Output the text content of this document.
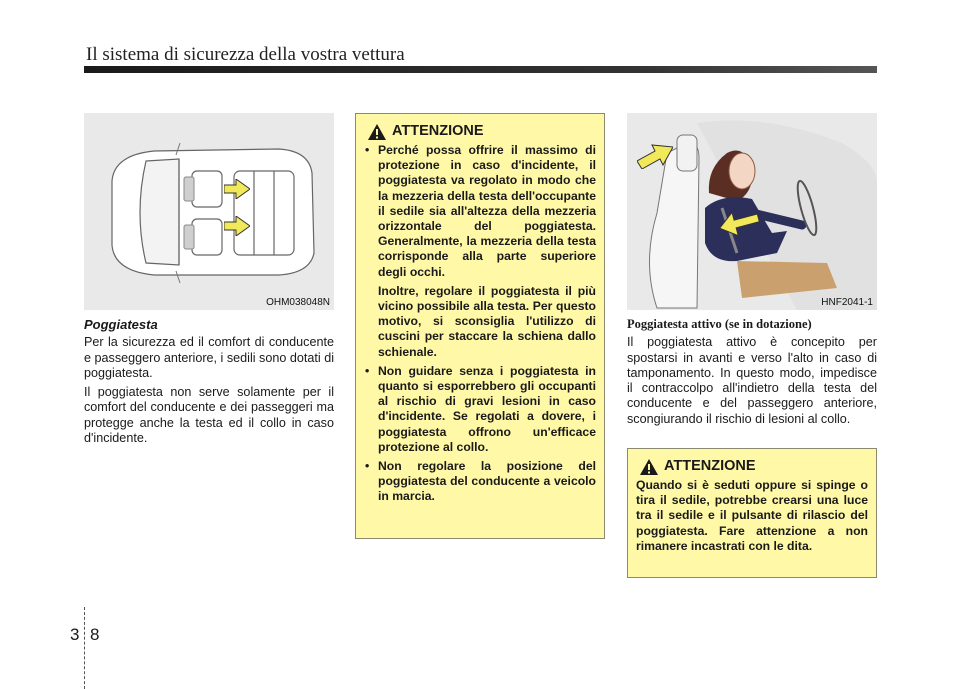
Il sistema di sicurezza della vostra vettura
OHM038048N
Poggiatesta

Per la sicurezza ed il comfort di conducente e passeggero anteriore, i sedili sono dotati di poggiatesta.

Il poggiatesta non serve solamente per il comfort del conducente e dei passeggeri ma protegge anche la testa ed il collo in caso d'incidente.

ATTENZIONE

• Perché possa offrire il massimo di protezione in caso d'incidente, il poggiatesta va regolato in modo che la mezzeria della testa dell'occupante il sedile sia all'altezza della mezzeria orizzontale del poggiatesta. Generalmente, la mezzeria della testa corrisponde alla parte superiore degli occhi.

Inoltre, regolare il poggiatesta il più vicino possibile alla testa. Per questo motivo, si sconsiglia l'utilizzo di cuscini per staccare la schiena dallo schienale.

• Non guidare senza i poggiatesta in quanto si esporrebbero gli occupanti al rischio di gravi lesioni in caso d'incidente. Se regolati a dovere, i poggiatesta offrono un'efficace protezione al collo.

• Non regolare la posizione del poggiatesta del conducente a veicolo in marcia.

HNF2041-1
Poggiatesta attivo (se in dotazione)

Il poggiatesta attivo è concepito per spostarsi in avanti e verso l'alto in caso di tamponamento. In questo modo, impedisce il contraccolpo all'indietro della testa del conducente e del passeggero anteriore, scongiurando il rischio di lesioni al collo.

ATTENZIONE
Quando si è seduti oppure si spinge o tira il sedile, potrebbe crearsi una luce tra il sedile e il pulsante di rilascio del poggiatesta. Fare attenzione a non rimanere incastrati con le dita.
3 8
